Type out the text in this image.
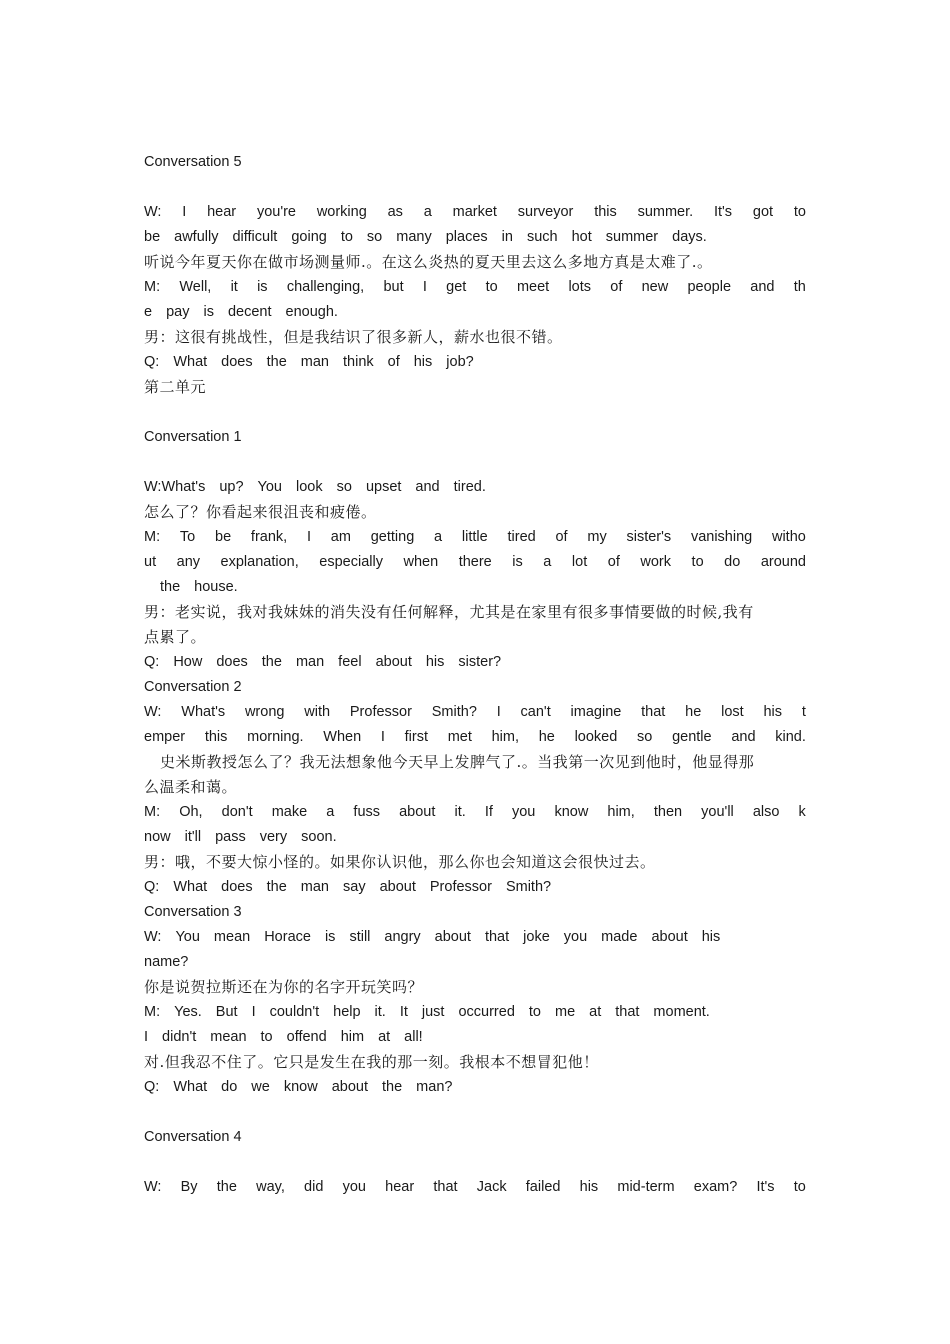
Conversation 5
W: I hear you're working as a market surveyor this summer. It's got to
be awfully difficult going to so many places in such hot summer days.
听说今年夏天你在做市场测量师.。在这么炎热的夏天里去这么多地方真是太难了.。
M: Well, it is challenging, but I get to meet lots of new people and th
e pay is decent enough.
男：这很有挑战性，但是我结识了很多新人，薪水也很不错。
Q: What does the man think of his job?
第二单元
Conversation 1
W:What's up? You look so upset and tired.
怎么了？你看起来很沮丧和疲倦。
M: To be frank, I am getting a little tired of my sister's vanishing witho
ut any explanation, especially when there is a lot of work to do around
the house.
男：老实说，我对我妹妹的消失没有任何解释，尤其是在家里有很多事情要做的时候,我有
点累了。
Q: How does the man feel about his sister?
Conversation 2
W: What's wrong with Professor Smith? I can't imagine that he lost his t
emper this morning. When I first met him, he looked so gentle and kind.
史米斯教授怎么了？我无法想象他今天早上发脾气了.。当我第一次见到他时，他显得那
么温柔和蔼。
M: Oh, don't make a fuss about it. If you know him, then you'll also k
now it'll pass very soon.
男：哦，不要大惊小怪的。如果你认识他，那么你也会知道这会很快过去。
Q: What does the man say about Professor Smith?
Conversation 3
W: You mean Horace is still angry about that joke you made about his
name?
你是说贺拉斯还在为你的名字开玩笑吗？
M: Yes. But I couldn't help it. It just occurred to me at that moment.
I didn't mean to offend him at all!
对.但我忍不住了。它只是发生在我的那一刻。我根本不想冒犯他！
Q: What do we know about the man?
Conversation 4
W: By the way, did you hear that Jack failed his mid-term exam? It's to
